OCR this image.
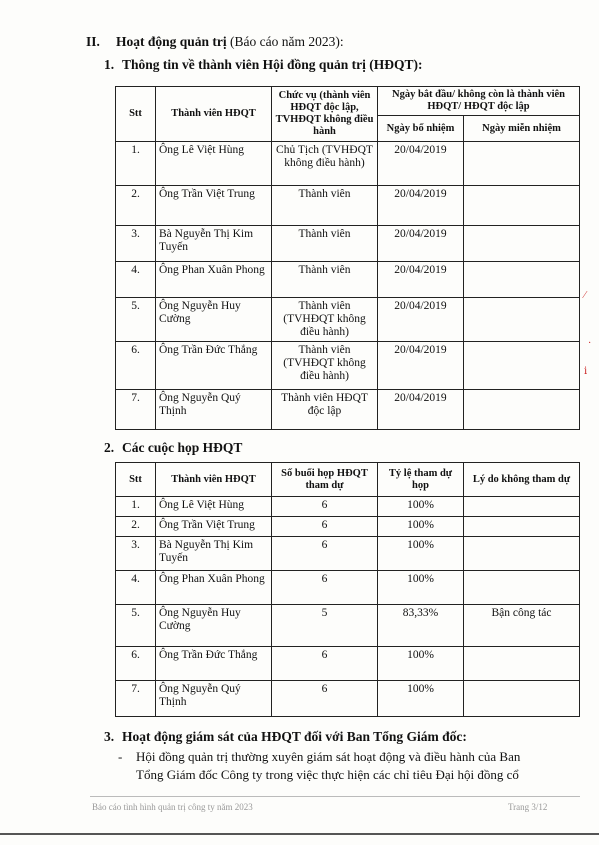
II. Hoạt động quản trị (Báo cáo năm 2023):
1. Thông tin về thành viên Hội đồng quản trị (HĐQT):
Stt	Thành viên HĐQT	Chức vụ (thành viên HĐQT độc lập, TVHĐQT không điều hành	Ngày bắt đầu/ không còn là thành viên HĐQT/ HĐQT độc lập	
			Ngày bổ nhiệm	Ngày miễn nhiệm
1.	Ông Lê Việt Hùng	Chủ Tịch (TVHĐQT không điều hành)	20/04/2019	
2.	Ông Trần Việt Trung	Thành viên	20/04/2019	
3.	Bà Nguyễn Thị Kim Tuyến	Thành viên	20/04/2019	
4.	Ông Phan Xuân Phong	Thành viên	20/04/2019	
5.	Ông Nguyễn Huy Cường	Thành viên (TVHĐQT không điều hành)	20/04/2019	
6.	Ông Trần Đức Thắng	Thành viên (TVHĐQT không điều hành)	20/04/2019	
7.	Ông Nguyễn Quý Thịnh	Thành viên HĐQT độc lập	20/04/2019	
2. Các cuộc họp HĐQT
Stt	Thành viên HĐQT	Số buổi họp HĐQT tham dự	Tỷ lệ tham dự họp	Lý do không tham dự
1.	Ông Lê Việt Hùng	6	100%	
2.	Ông Trần Việt Trung	6	100%	
3.	Bà Nguyễn Thị Kim Tuyến	6	100%	
4.	Ông Phan Xuân Phong	6	100%	
5.	Ông Nguyễn Huy Cường	5	83,33%	Bận công tác
6.	Ông Trần Đức Thắng	6	100%	
7.	Ông Nguyễn Quý Thịnh	6	100%	
3. Hoạt động giám sát của HĐQT đối với Ban Tổng Giám đốc:
- Hội đồng quản trị thường xuyên giám sát hoạt động và điều hành của Ban
Tổng Giám đốc Công ty trong việc thực hiện các chỉ tiêu Đại hội đồng cổ
Báo cáo tình hình quản trị công ty năm 2023	Trang 3/12
⁄
·
ⅰ
